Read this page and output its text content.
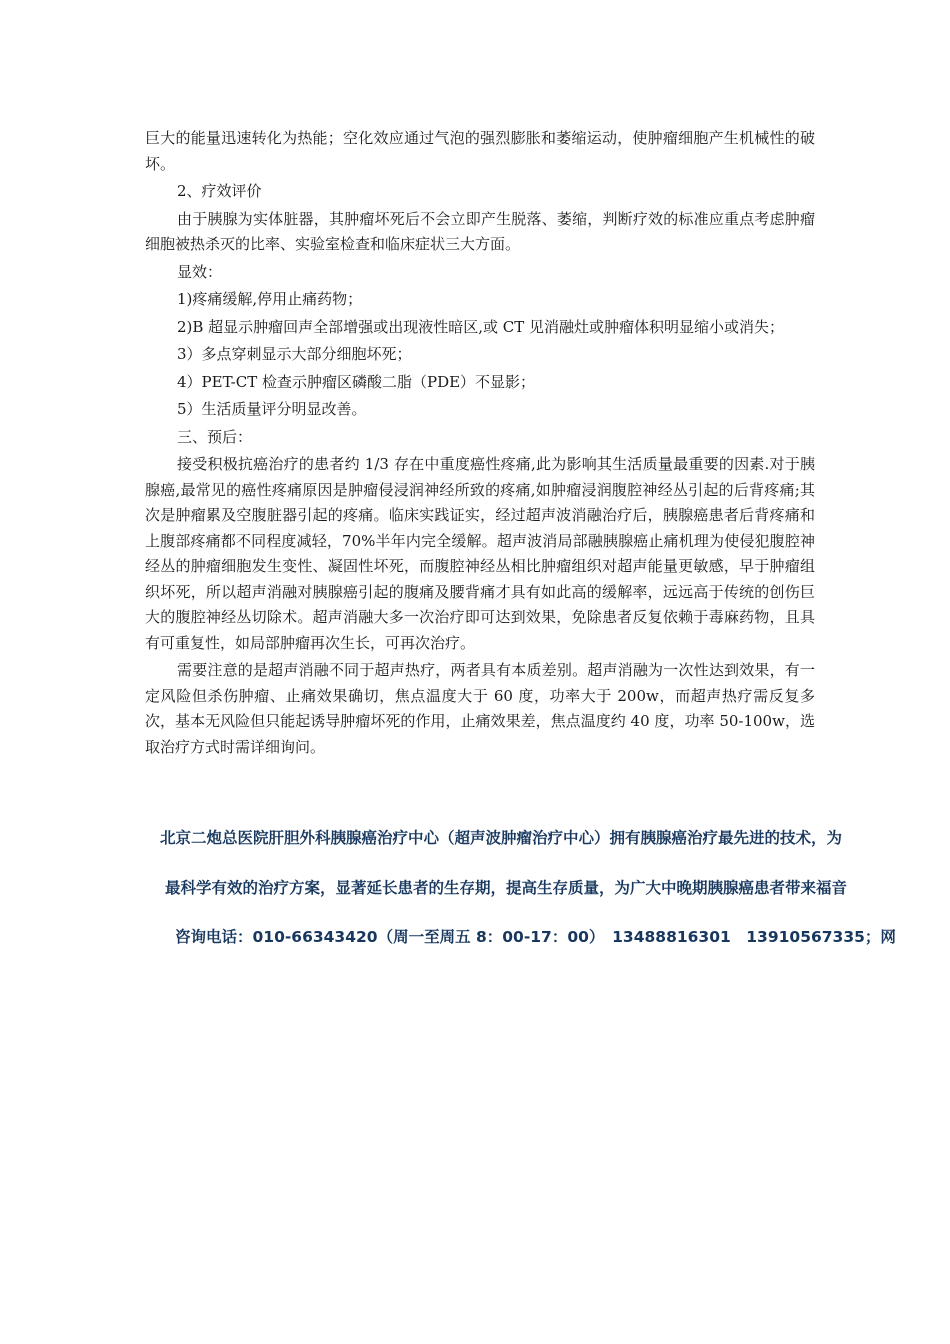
巨大的能量迅速转化为热能；空化效应通过气泡的强烈膨胀和萎缩运动，使肿瘤细胞产生机械性的破坏。

2、疗效评价

由于胰腺为实体脏器，其肿瘤坏死后不会立即产生脱落、萎缩，判断疗效的标准应重点考虑肿瘤细胞被热杀灭的比率、实验室检查和临床症状三大方面。

显效：

1)疼痛缓解,停用止痛药物；

2)B 超显示肿瘤回声全部增强或出现液性暗区,或 CT 见消融灶或肿瘤体积明显缩小或消失；

3）多点穿刺显示大部分细胞坏死；

4）PET-CT 检查示肿瘤区磷酸二脂（PDE）不显影；

5）生活质量评分明显改善。

三、预后：

接受积极抗癌治疗的患者约 1/3 存在中重度癌性疼痛,此为影响其生活质量最重要的因素.对于胰腺癌,最常见的癌性疼痛原因是肿瘤侵浸润神经所致的疼痛,如肿瘤浸润腹腔神经丛引起的后背疼痛;其次是肿瘤累及空腹脏器引起的疼痛。临床实践证实，经过超声波消融治疗后，胰腺癌患者后背疼痛和上腹部疼痛都不同程度减轻，70%半年内完全缓解。超声波消局部融胰腺癌止痛机理为使侵犯腹腔神经丛的肿瘤细胞发生变性、凝固性坏死，而腹腔神经丛相比肿瘤组织对超声能量更敏感，早于肿瘤组织坏死，所以超声消融对胰腺癌引起的腹痛及腰背痛才具有如此高的缓解率，远远高于传统的创伤巨大的腹腔神经丛切除术。超声消融大多一次治疗即可达到效果，免除患者反复依赖于毒麻药物，且具有可重复性，如局部肿瘤再次生长，可再次治疗。

需要注意的是超声消融不同于超声热疗，两者具有本质差别。超声消融为一次性达到效果，有一定风险但杀伤肿瘤、止痛效果确切，焦点温度大于 60 度，功率大于 200w，而超声热疗需反复多次，基本无风险但只能起诱导肿瘤坏死的作用，止痛效果差，焦点温度约 40 度，功率 50-100w，选取治疗方式时需详细询问。

北京二炮总医院肝胆外科胰腺癌治疗中心（超声波肿瘤治疗中心）拥有胰腺癌治疗最先进的技术，为
最科学有效的治疗方案，显著延长患者的生存期，提高生存质量，为广大中晚期胰腺癌患者带来福音
咨询电话：010-66343420（周一至周五 8：00-17：00）　13488816301　13910567335；网
